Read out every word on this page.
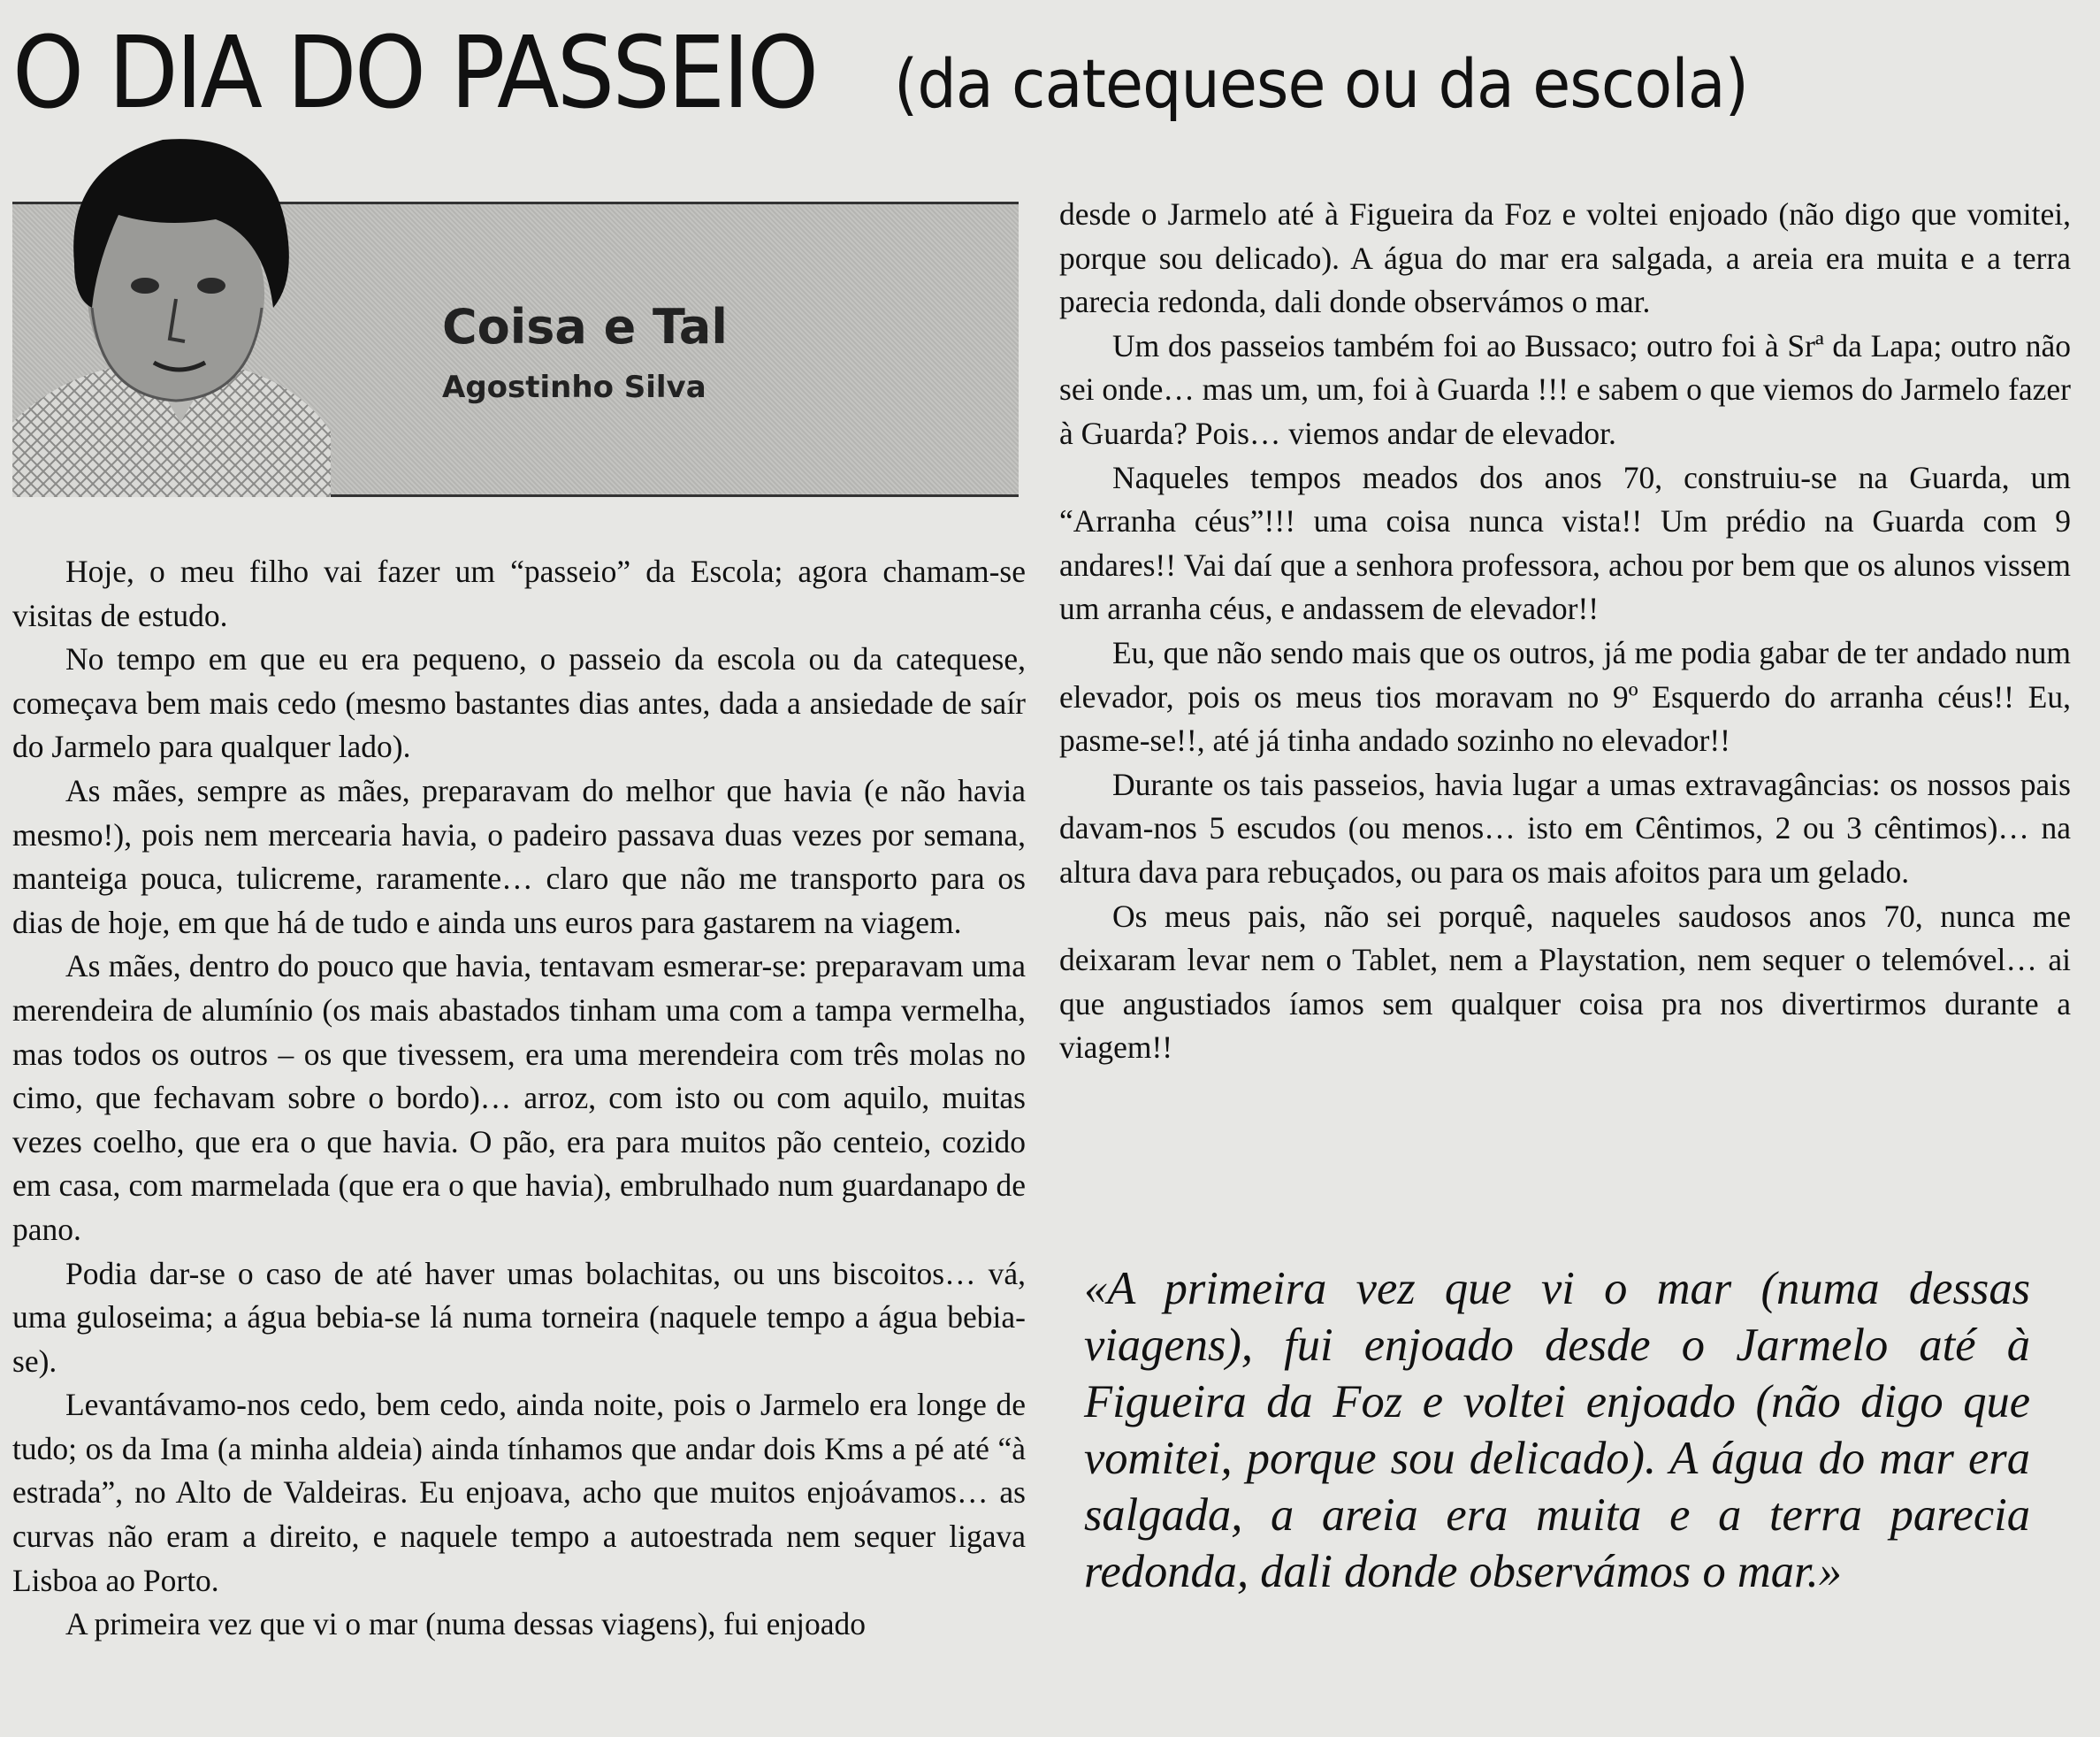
O DIA DO PASSEIO (da catequese ou da escola)
Coisa e Tal
Agostinho Silva

Hoje, o meu filho vai fazer um “passeio” da Escola; agora chamam-se visitas de estudo.

No tempo em que eu era pequeno, o passeio da escola ou da catequese, começava bem mais cedo (mesmo bastantes dias antes, dada a ansiedade de saír do Jarmelo para qualquer lado).

As mães, sempre as mães, preparavam do melhor que havia (e não havia mesmo!), pois nem mercearia havia, o padeiro passava duas vezes por semana, manteiga pouca, tulicreme, raramente… claro que não me transporto para os dias de hoje, em que há de tudo e ainda uns euros para gastarem na viagem.

As mães, dentro do pouco que havia, tentavam esmerar-se: preparavam uma merendeira de alumínio (os mais abastados tinham uma com a tampa vermelha, mas todos os outros – os que tivessem, era uma merendeira com três molas no cimo, que fechavam sobre o bordo)… arroz, com isto ou com aquilo, muitas vezes coelho, que era o que havia. O pão, era para muitos pão centeio, cozido em casa, com marmelada (que era o que havia), embrulhado num guardanapo de pano.

Podia dar-se o caso de até haver umas bolachitas, ou uns biscoitos… vá, uma guloseima; a água bebia-se lá numa torneira (naquele tempo a água bebia-se).

Levantávamo-nos cedo, bem cedo, ainda noite, pois o Jarmelo era longe de tudo; os da Ima (a minha aldeia) ainda tínhamos que andar dois Kms a pé até “à estrada”, no Alto de Valdeiras. Eu enjoava, acho que muitos enjoávamos… as curvas não eram a direito, e naquele tempo a autoestrada nem sequer ligava Lisboa ao Porto.

A primeira vez que vi o mar (numa dessas viagens), fui enjoado

desde o Jarmelo até à Figueira da Foz e voltei enjoado (não digo que vomitei, porque sou delicado). A água do mar era salgada, a areia era muita e a terra parecia redonda, dali donde observámos o mar.

Um dos passeios também foi ao Bussaco; outro foi à Srª da Lapa; outro não sei onde… mas um, um, foi à Guarda !!! e sabem o que viemos do Jarmelo fazer à Guarda? Pois… viemos andar de elevador.

Naqueles tempos meados dos anos 70, construiu-se na Guarda, um “Arranha céus”!!! uma coisa nunca vista!! Um prédio na Guarda com 9 andares!! Vai daí que a senhora professora, achou por bem que os alunos vissem um arranha céus, e andassem de elevador!!

Eu, que não sendo mais que os outros, já me podia gabar de ter andado num elevador, pois os meus tios moravam no 9º Esquerdo do arranha céus!! Eu, pasme-se!!, até já tinha andado sozinho no elevador!!

Durante os tais passeios, havia lugar a umas extravagâncias: os nossos pais davam-nos 5 escudos (ou menos… isto em Cêntimos, 2 ou 3 cêntimos)… na altura dava para rebuçados, ou para os mais afoitos para um gelado.

Os meus pais, não sei porquê, naqueles saudosos anos 70, nunca me deixaram levar nem o Tablet, nem a Playstation, nem sequer o telemóvel… ai que angustiados íamos sem qualquer coisa pra nos divertirmos durante a viagem!!

«A primeira vez que vi o mar (numa dessas viagens), fui enjoado desde o Jarmelo até à Figueira da Foz e voltei enjoado (não digo que vomitei, porque sou delicado). A água do mar era salgada, a areia era muita e a terra parecia redonda, dali donde observámos o mar.»
